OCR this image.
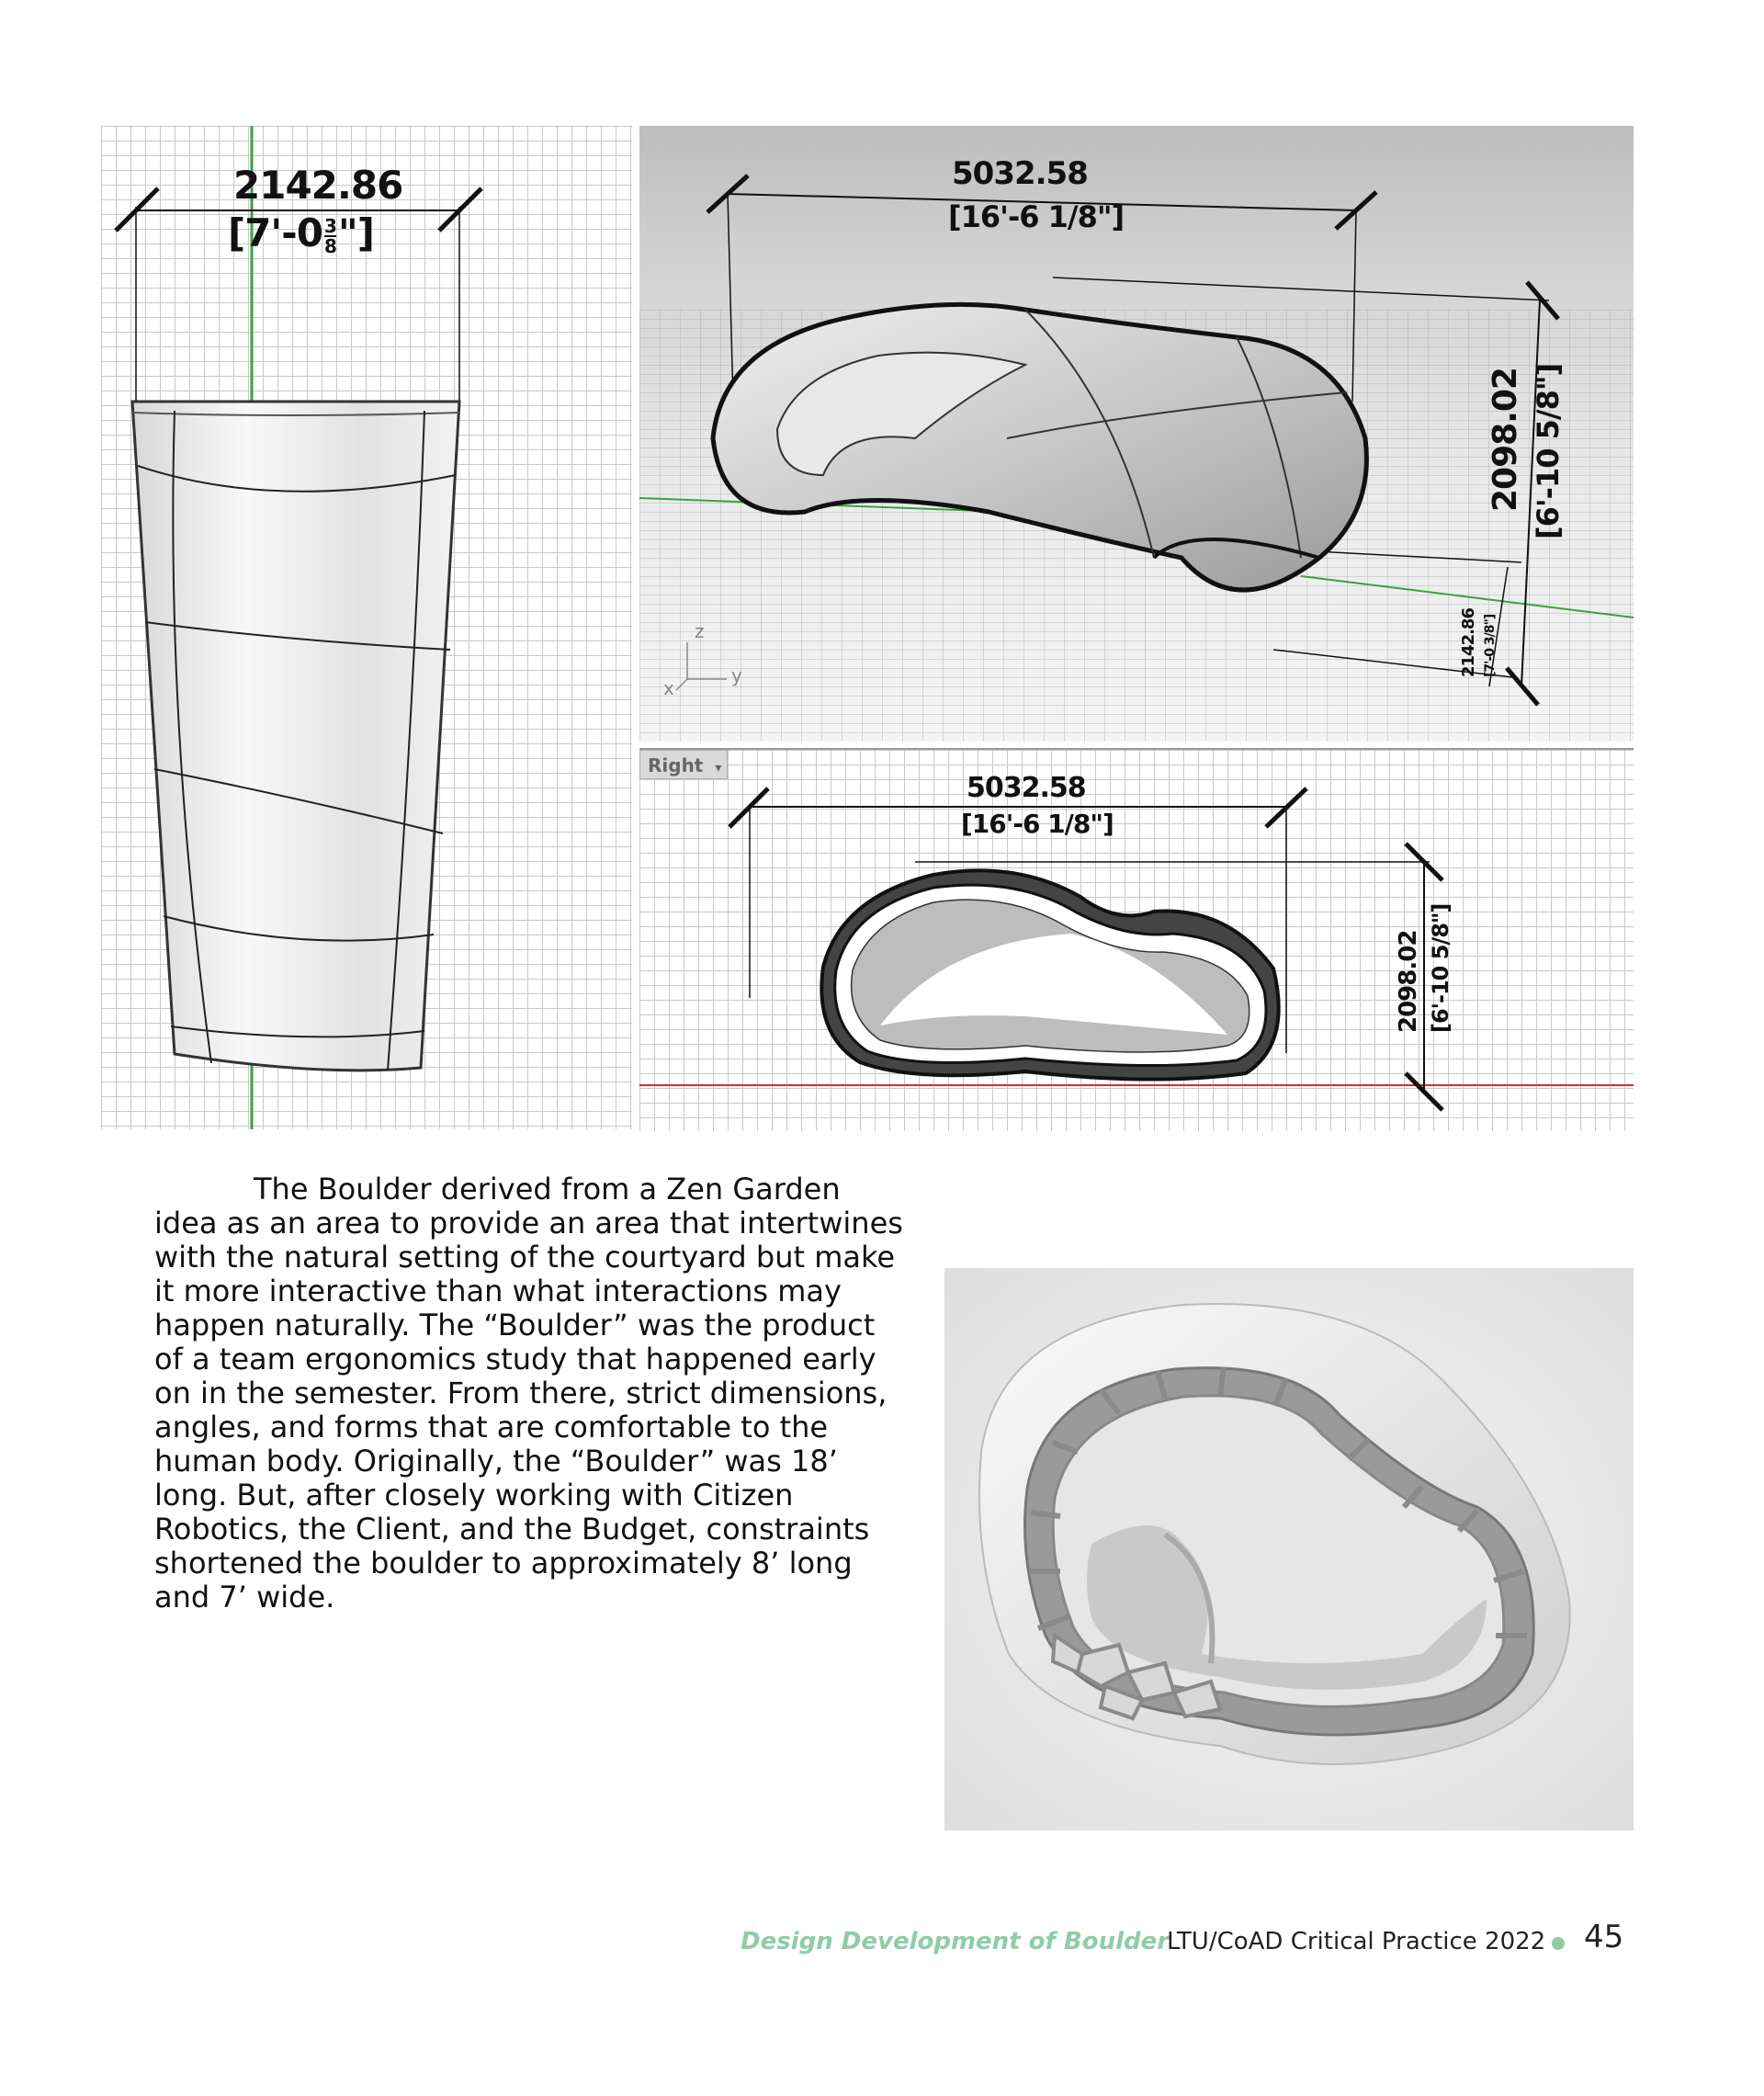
2142.86
[$7'-0 \frac{3}{8}$ "]
5032.58
[16'-6 1/8"]
2098.02 [6'-10 5/8"]
2142.86 [7'-0 3/8"]
z
y
x
Right ▾
5032.58
[16'-6 1/8"]
2098.02 [6'-10 5/8"]
The Boulder derived from a Zen Garden idea as an area to provide an area that intertwines with the natural setting of the courtyard but make it more interactive than what interactions may happen naturally. The “Boulder” was the product of a team ergonomics study that happened early on in the semester. From there, strict dimensions, angles, and forms that are comfortable to the human body. Originally, the “Boulder” was 18’ long. But, after closely working with Citizen Robotics, the Client, and the Budget, constraints shortened the boulder to approximately 8’ long and 7’ wide.
Design Development of Boulder
LTU/CoAD Critical Practice 2022 45
